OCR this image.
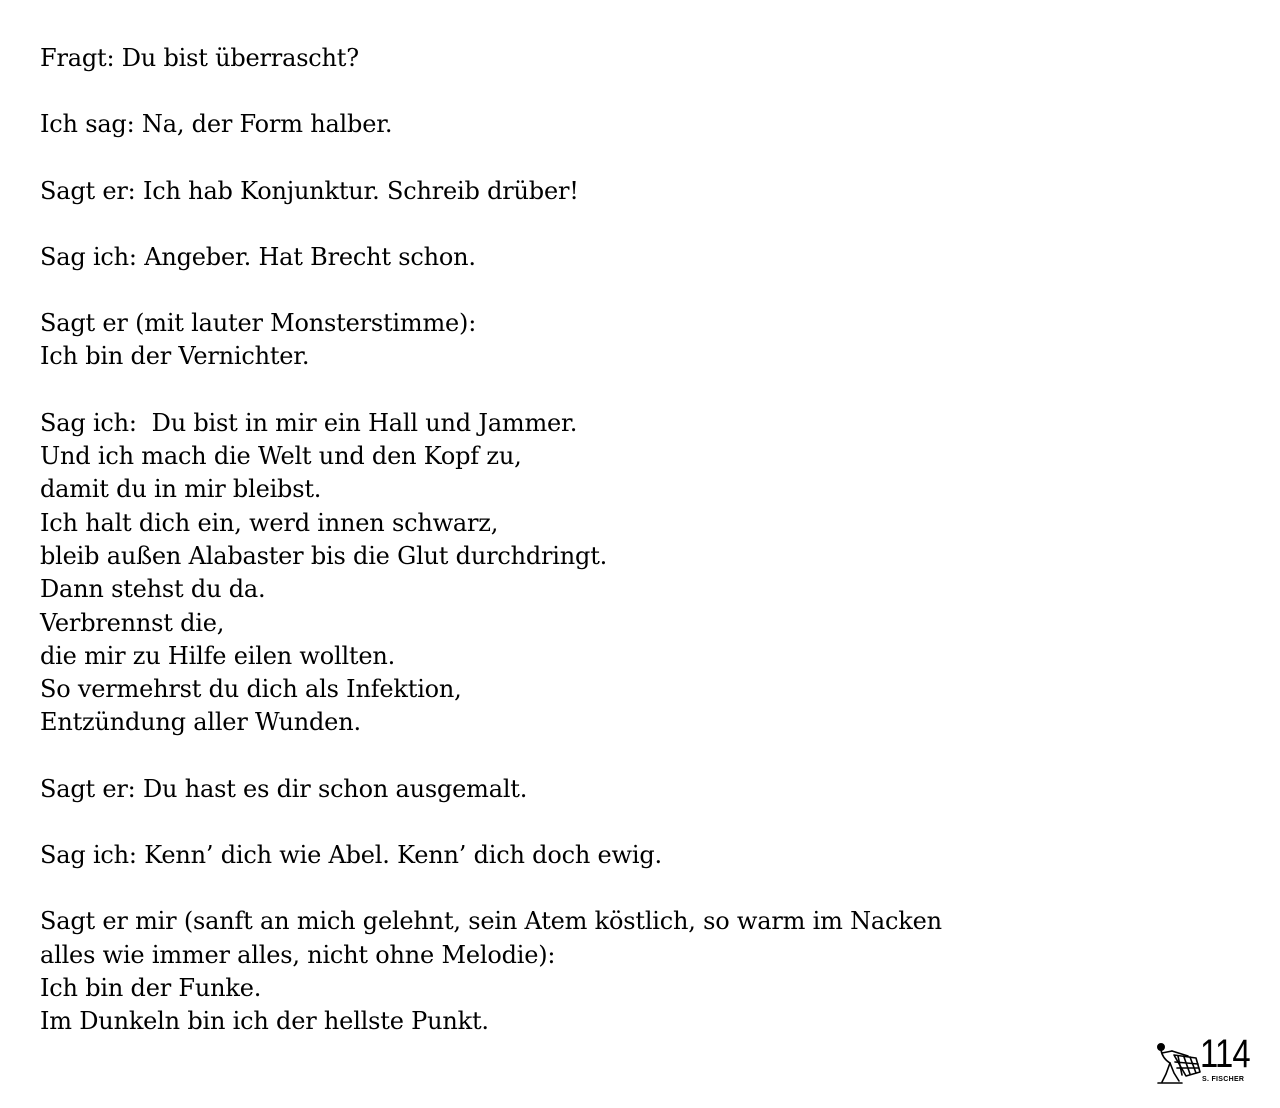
Fragt: Du bist überrascht?
Ich sag: Na, der Form halber.
Sagt er: Ich hab Konjunktur. Schreib drüber!
Sag ich: Angeber. Hat Brecht schon.
Sagt er (mit lauter Monsterstimme):
Ich bin der Vernichter.
Sag ich:  Du bist in mir ein Hall und Jammer.
Und ich mach die Welt und den Kopf zu,
damit du in mir bleibst.
Ich halt dich ein, werd innen schwarz,
bleib außen Alabaster bis die Glut durchdringt.
Dann stehst du da.
Verbrennst die,
die mir zu Hilfe eilen wollten.
So vermehrst du dich als Infektion,
Entzündung aller Wunden.
Sagt er: Du hast es dir schon ausgemalt.
Sag ich: Kenn’ dich wie Abel. Kenn’ dich doch ewig.
Sagt er mir (sanft an mich gelehnt, sein Atem köstlich, so warm im Nacken
alles wie immer alles, nicht ohne Melodie):
Ich bin der Funke.
Im Dunkeln bin ich der hellste Punkt.
114
S. FISCHER
